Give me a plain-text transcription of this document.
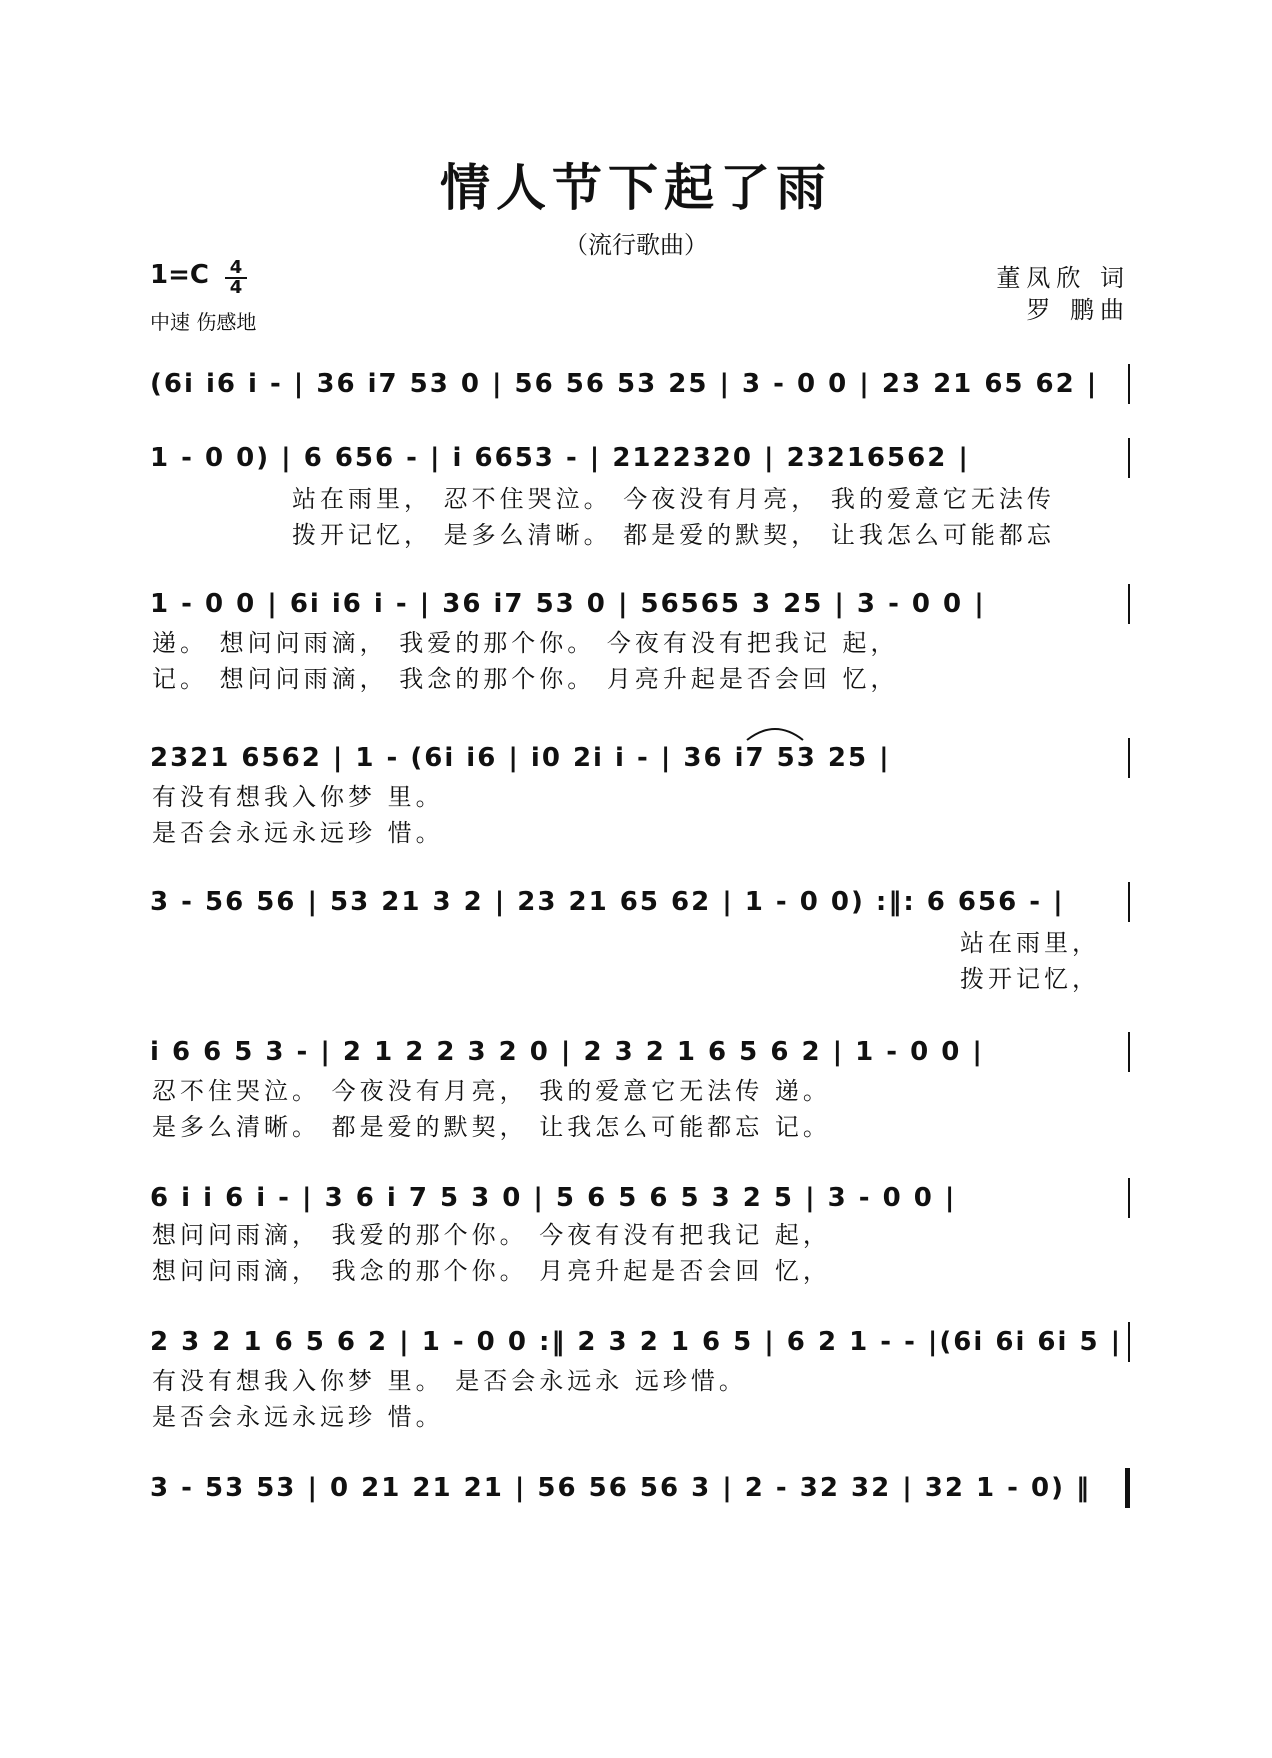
情人节下起了雨
（流行歌曲）
1=C 4
4
中速 伤感地
董凤欣 词
罗 鹏曲
(6i i6 i - | 36 i7 53 0 | 56 56 53 25 | 3 - 0 0 | 23 21 65 62 |
1 - 0 0) | 6 656 - | i 6653 - | 2122320 | 23216562 |
站在雨里， 忍不住哭泣。 今夜没有月亮， 我的爱意它无法传
拨开记忆， 是多么清晰。 都是爱的默契， 让我怎么可能都忘
1 - 0 0 | 6i i6 i - | 36 i7 53 0 | 56565 3 25 | 3 - 0 0 |
递。 想问问雨滴， 我爱的那个你。 今夜有没有把我记 起，
记。 想问问雨滴， 我念的那个你。 月亮升起是否会回 忆，
2321 6562 | 1 - (6i i6 | i0 2i i - | 36 i7 53 25 |
有没有想我入你梦 里。
是否会永远永远珍 惜。
3 - 56 56 | 53 21 3 2 | 23 21 65 62 | 1 - 0 0) :‖: 6 656 - |
站在雨里，
拨开记忆，
i 6 6 5 3 - | 2 1 2 2 3 2 0 | 2 3 2 1 6 5 6 2 | 1 - 0 0 |
忍不住哭泣。 今夜没有月亮， 我的爱意它无法传 递。
是多么清晰。 都是爱的默契， 让我怎么可能都忘 记。
6 i i 6 i - | 3 6 i 7 5 3 0 | 5 6 5 6 5 3 2 5 | 3 - 0 0 |
想问问雨滴， 我爱的那个你。 今夜有没有把我记 起，
想问问雨滴， 我念的那个你。 月亮升起是否会回 忆，
2 3 2 1 6 5 6 2 | 1 - 0 0 :‖ 2 3 2 1 6 5 | 6 2 1 - - |(6i 6i 6i 5 |
有没有想我入你梦 里。 是否会永远永 远珍惜。
是否会永远永远珍 惜。
3 - 53 53 | 0 21 21 21 | 56 56 56 3 | 2 - 32 32 | 32 1 - 0) ‖
